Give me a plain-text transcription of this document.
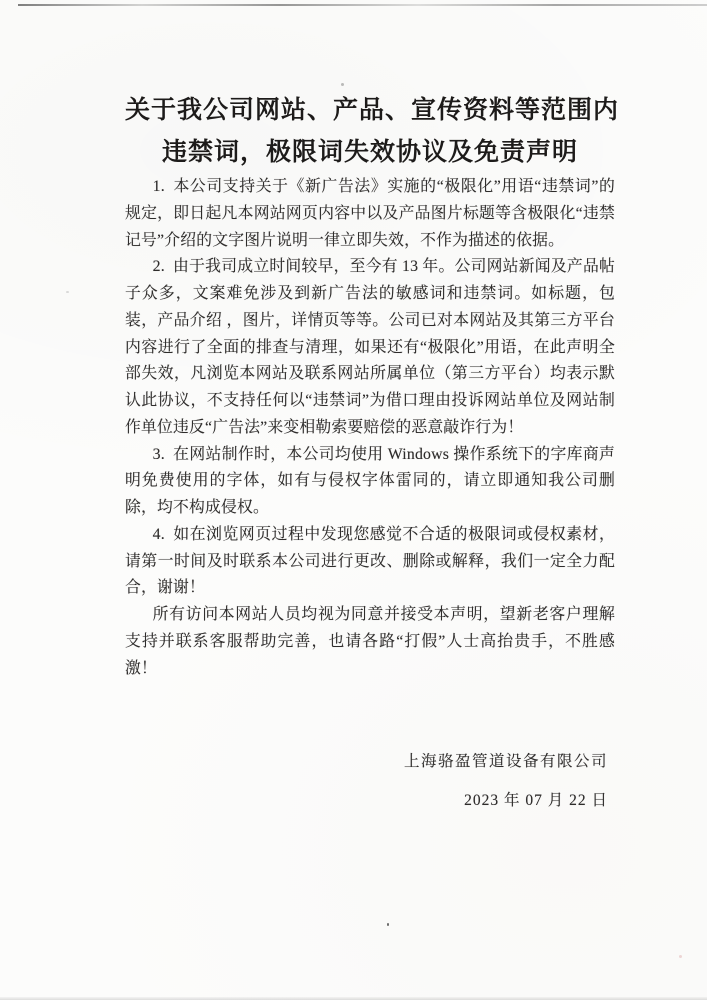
关于我公司网站、产品、宣传资料等范围内
违禁词，极限词失效协议及免责声明

1. 本公司支持关于《新广告法》实施的“极限化”用语“违禁词”的规定，即日起凡本网站网页内容中以及产品图片标题等含极限化“违禁记号”介绍的文字图片说明一律立即失效，不作为描述的依据。

2. 由于我司成立时间较早，至今有 13 年。公司网站新闻及产品帖子众多，文案难免涉及到新广告法的敏感词和违禁词。如标题，包装，产品介绍 ，图片，详情页等等。公司已对本网站及其第三方平台内容进行了全面的排查与清理，如果还有“极限化”用语，在此声明全部失效，凡浏览本网站及联系网站所属单位（第三方平台）均表示默认此协议，不支持任何以“违禁词”为借口理由投诉网站单位及网站制作单位违反“广告法”来变相勒索要赔偿的恶意敲诈行为！

3. 在网站制作时，本公司均使用 Windows 操作系统下的字库商声明免费使用的字体，如有与侵权字体雷同的，请立即通知我公司删除，均不构成侵权。

4. 如在浏览网页过程中发现您感觉不合适的极限词或侵权素材，请第一时间及时联系本公司进行更改、删除或解释，我们一定全力配合，谢谢！

所有访问本网站人员均视为同意并接受本声明，望新老客户理解支持并联系客服帮助完善，也请各路“打假”人士高抬贵手，不胜感激！

上海骆盈管道设备有限公司
2023 年 07 月 22 日
